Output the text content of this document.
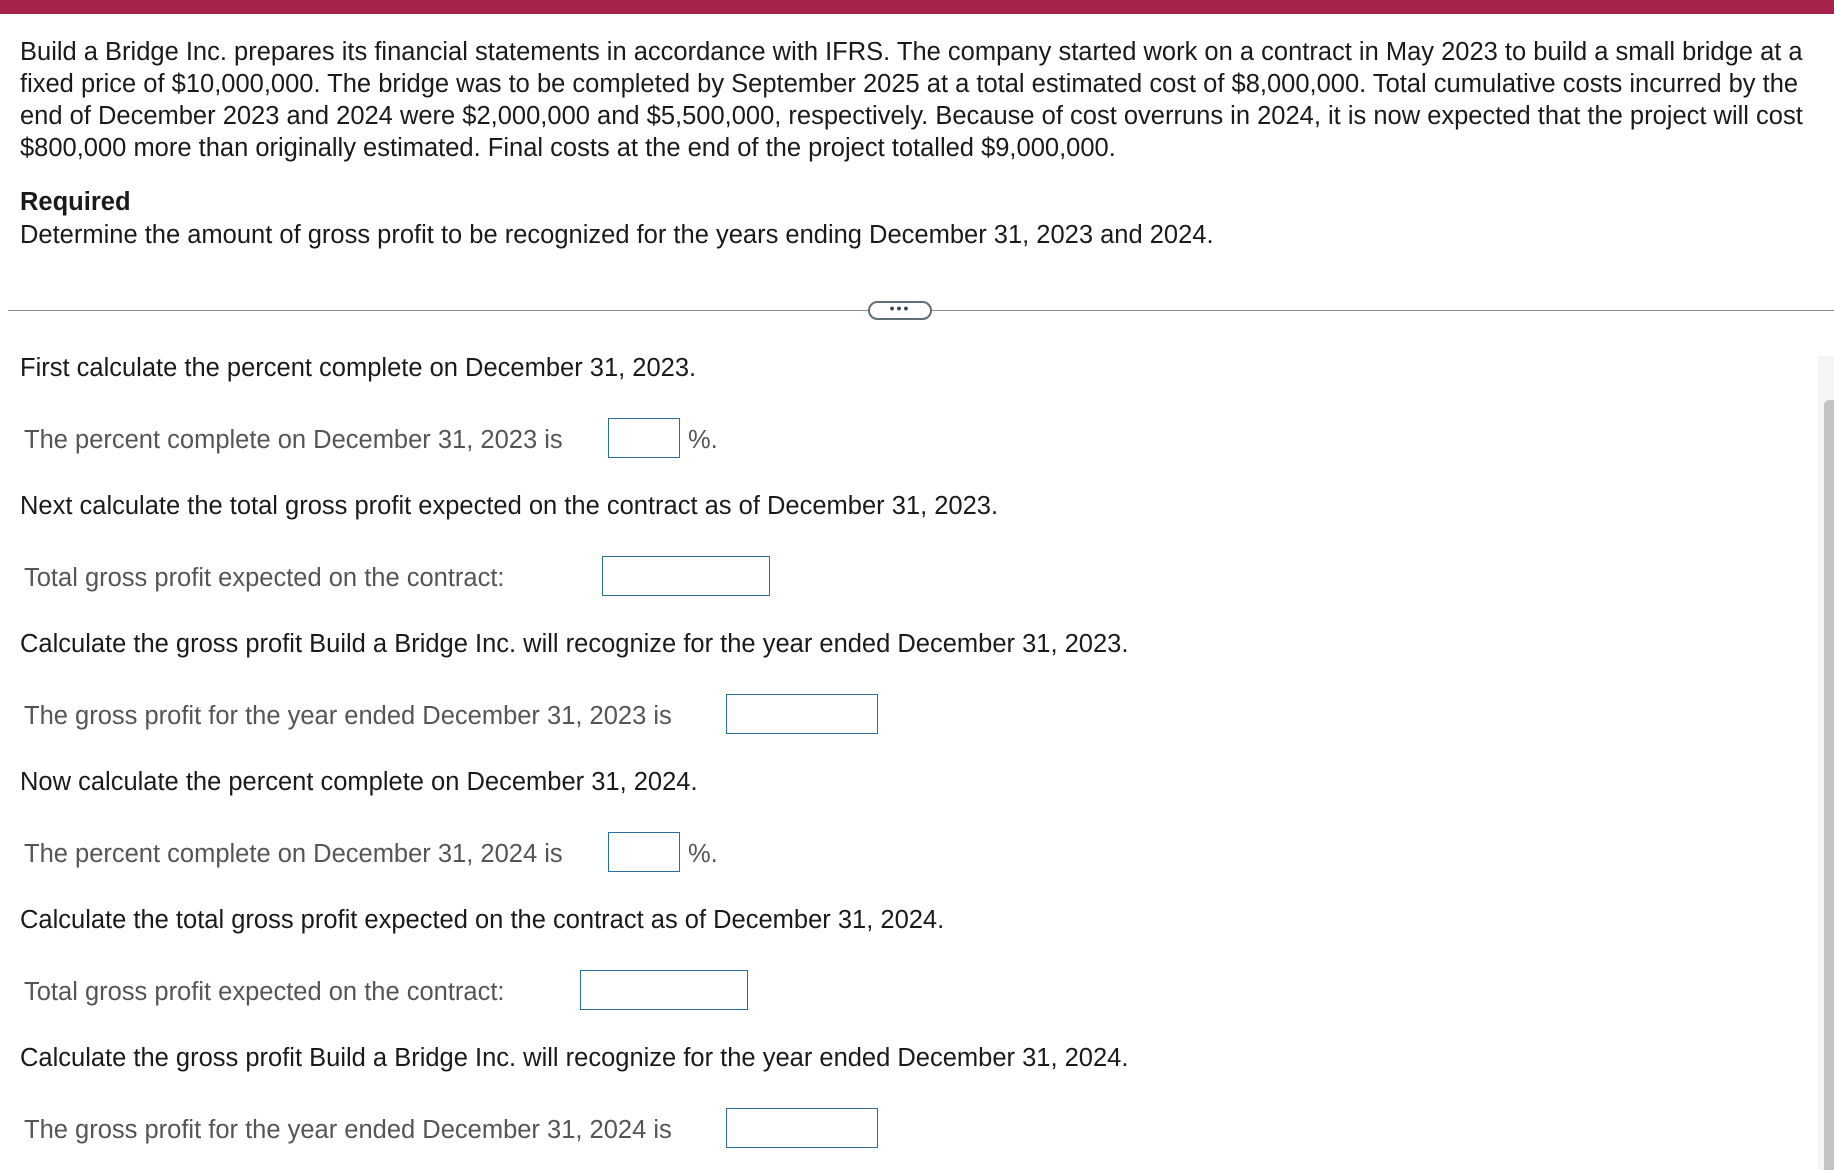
Build a Bridge Inc. prepares its financial statements in accordance with IFRS. The company started work on a contract in May 2023 to build a small bridge at a fixed price of $10,000,000. The bridge was to be completed by September 2025 at a total estimated cost of $8,000,000. Total cumulative costs incurred by the end of December 2023 and 2024 were $2,000,000 and $5,500,000, respectively. Because of cost overruns in 2024, it is now expected that the project will cost $800,000 more than originally estimated. Final costs at the end of the project totalled $9,000,000.

Required

Determine the amount of gross profit to be recognized for the years ending December 31, 2023 and 2024.

•••

First calculate the percent complete on December 31, 2023.

The percent complete on December 31, 2023 is	%.

Next calculate the total gross profit expected on the contract as of December 31, 2023.

Total gross profit expected on the contract:

Calculate the gross profit Build a Bridge Inc. will recognize for the year ended December 31, 2023.

The gross profit for the year ended December 31, 2023 is

Now calculate the percent complete on December 31, 2024.

The percent complete on December 31, 2024 is	%.

Calculate the total gross profit expected on the contract as of December 31, 2024.

Total gross profit expected on the contract:

Calculate the gross profit Build a Bridge Inc. will recognize for the year ended December 31, 2024.

The gross profit for the year ended December 31, 2024 is
